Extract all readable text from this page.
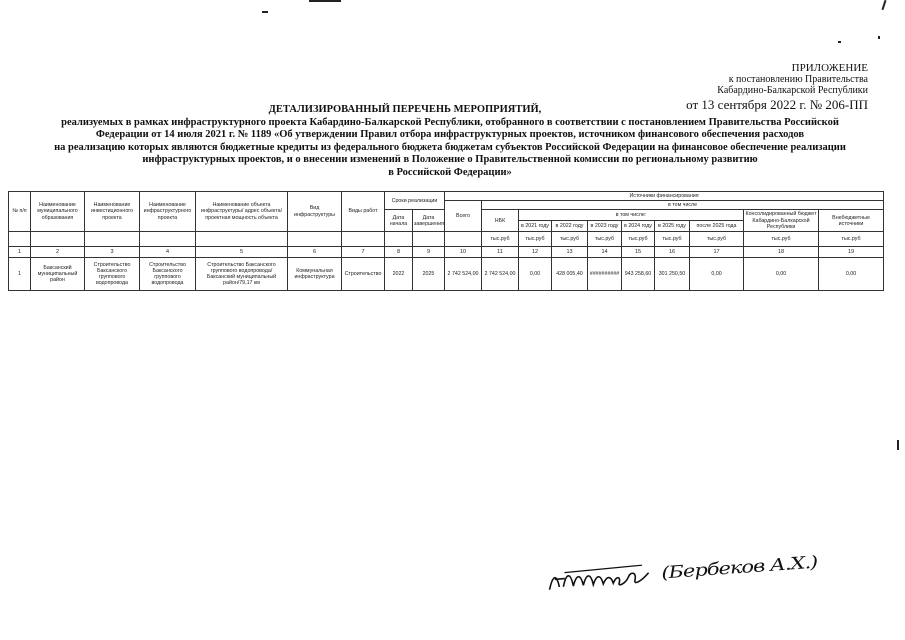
ПРИЛОЖЕНИЕ
к постановлению Правительства
Кабардино-Балкарской Республики
от 13 сентября 2022 г. № 206-ПП
ДЕТАЛИЗИРОВАННЫЙ ПЕРЕЧЕНЬ МЕРОПРИЯТИЙ,
реализуемых в рамках инфраструктурного проекта Кабардино-Балкарской Республики, отобранного в соответствии с постановлением Правительства Российской
Федерации от 14 июля 2021 г. № 1189 «Об утверждении Правил отбора инфраструктурных проектов, источником финансового обеспечения расходов
на реализацию которых являются бюджетные кредиты из федерального бюджета бюджетам субъектов Российской Федерации на финансовое обеспечение реализации
инфраструктурных проектов, и о внесении изменений в Положение о Правительственной комиссии по региональному развитию
в Российской Федерации»
№ п/п	Наименование муниципального образования	Наименование инвестиционного проекта	Наименование инфраструктурного проекта	Наименование объекта инфраструктуры/ адрес объекта/ проектная мощность объекта	Вид инфраструктуры	Виды работ	Сроки реализации		Источники финансирования									
									Всего	в том числе								
							Дата начала	Дата завершения		НБК	в том числе:						Консолидированный бюджет Кабардино-Балкарской Республики	Внебюджетные источники
											в 2021 году	в 2022 году	в 2023 году	в 2024 году	в 2025 году	после 2025 года		
										тыс.руб	тыс.руб	тыс.руб	тыс.руб	тыс.руб	тыс.руб	тыс.руб	тыс.руб	тыс.руб
1	2	3	4	5	6	7	8	9	10	11	12	13	14	15	16	17	18	19
1	Баксанский муниципальный район	Строительство Баксанского группового водопровода	Строительство Баксанского группового водопровода	Строительство Баксанского группового водопровода/Баксанский муниципальный район/79,17 км	Коммунальная инфраструктура	Строительство	2022	2025	2 742 524,00	2 742 524,00	0,00	428 005,40	##########	943 258,60	301 250,50	0,00	0,00	0,00
(Бербеков А.Х.)
